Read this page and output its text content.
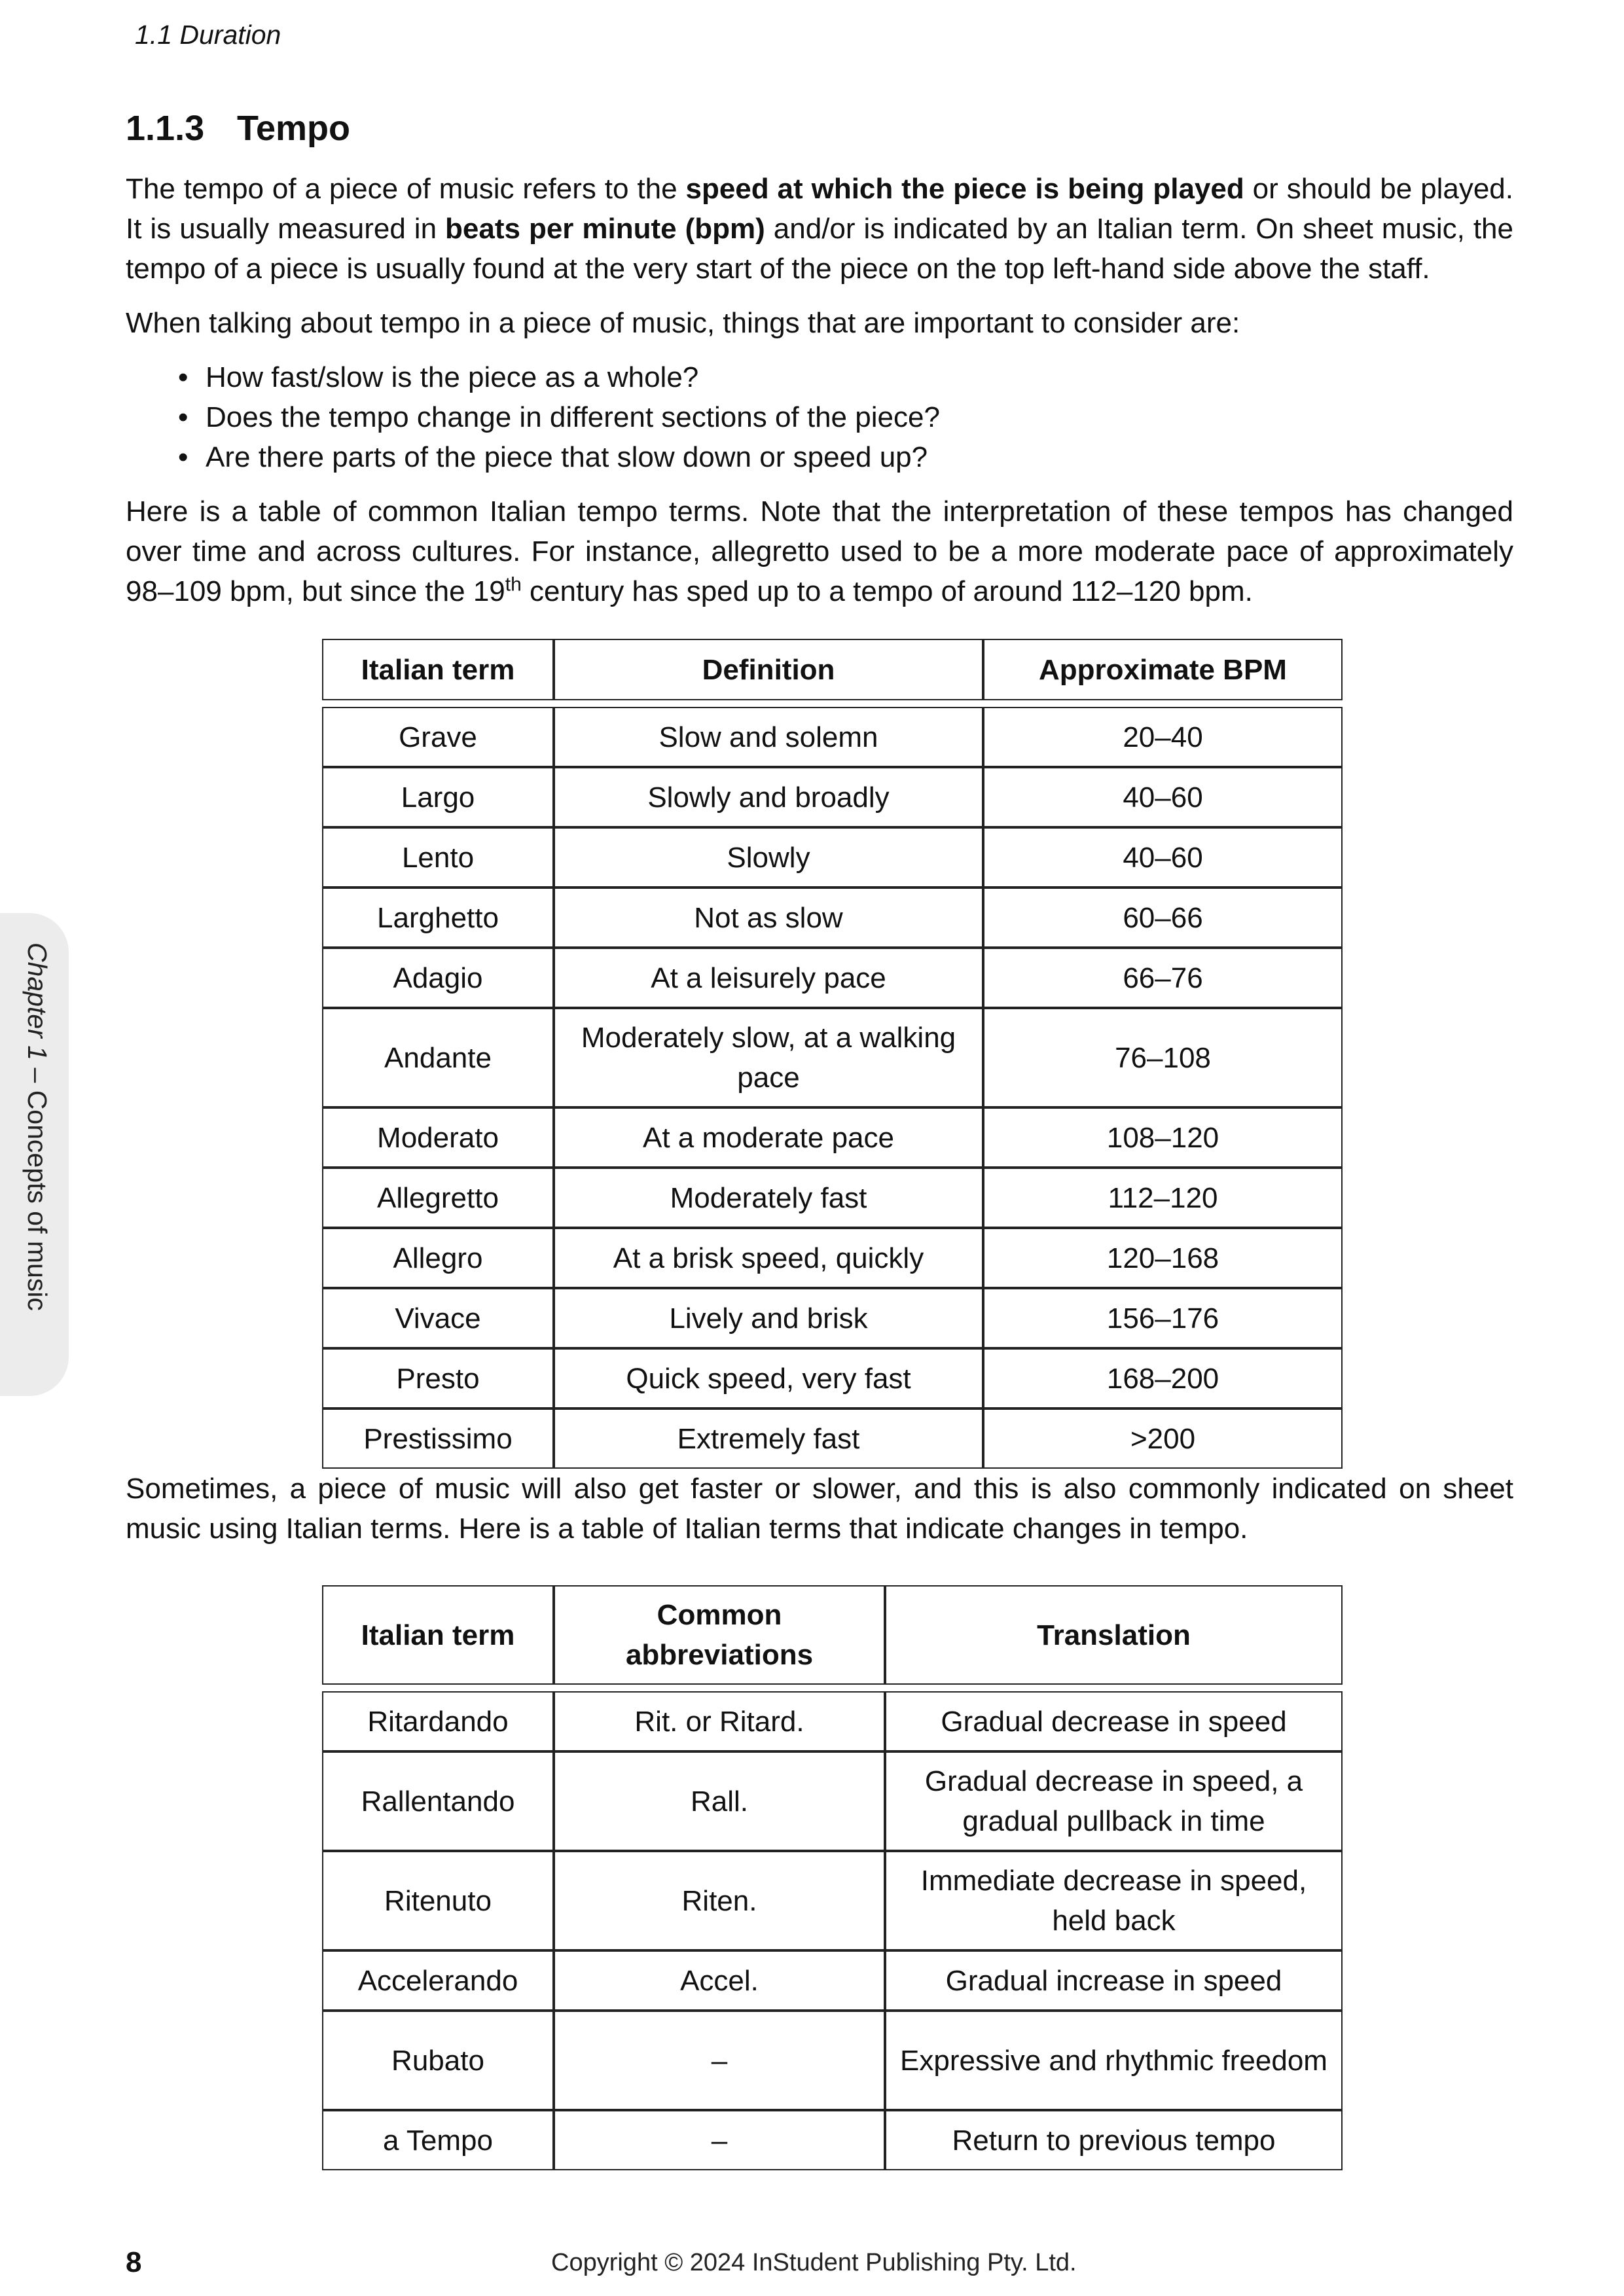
1.1 Duration
Chapter 1 – Concepts of music
1.1.3 Tempo

The tempo of a piece of music refers to the speed at which the piece is being played or should be played. It is usually measured in beats per minute (bpm) and/or is indicated by an Italian term. On sheet music, the tempo of a piece is usually found at the very start of the piece on the top left-hand side above the staff.

When talking about tempo in a piece of music, things that are important to consider are:

• How fast/slow is the piece as a whole?
• Does the tempo change in different sections of the piece?
• Are there parts of the piece that slow down or speed up?

Here is a table of common Italian tempo terms. Note that the interpretation of these tempos has changed over time and across cultures. For instance, allegretto used to be a more moderate pace of approximately 98–109 bpm, but since the 19th century has sped up to a tempo of around 112–120 bpm.

Italian term	Definition	Approximate BPM

Grave	Slow and solemn	20–40
Largo	Slowly and broadly	40–60
Lento	Slowly	40–60
Larghetto	Not as slow	60–66
Adagio	At a leisurely pace	66–76
Andante	Moderately slow, at a walking pace	76–108
Moderato	At a moderate pace	108–120
Allegretto	Moderately fast	112–120
Allegro	At a brisk speed, quickly	120–168
Vivace	Lively and brisk	156–176
Presto	Quick speed, very fast	168–200
Prestissimo	Extremely fast	>200

Sometimes, a piece of music will also get faster or slower, and this is also commonly indicated on sheet music using Italian terms. Here is a table of Italian terms that indicate changes in tempo.

Italian term	Common abbreviations	Translation

Ritardando	Rit. or Ritard.	Gradual decrease in speed
Rallentando	Rall.	Gradual decrease in speed, a gradual pullback in time
Ritenuto	Riten.	Immediate decrease in speed, held back
Accelerando	Accel.	Gradual increase in speed
Rubato	–	Expressive and rhythmic freedom
a Tempo	–	Return to previous tempo
8	Copyright © 2024 InStudent Publishing Pty. Ltd.
